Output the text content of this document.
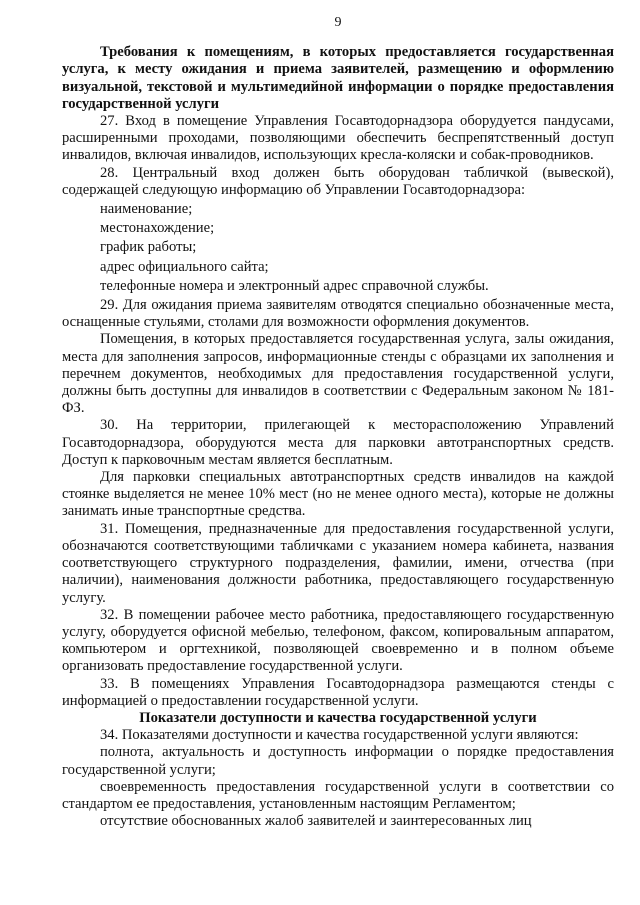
9
Требования к помещениям, в которых предоставляется государственная услуга, к месту ожидания и приема заявителей, размещению и оформлению визуальной, текстовой и мультимедийной информации о порядке предоставления государственной услуги
27. Вход в помещение Управления Госавтодорнадзора оборудуется пандусами, расширенными проходами, позволяющими обеспечить беспрепятственный доступ инвалидов, включая инвалидов, использующих кресла-коляски и собак-проводников.
28. Центральный вход должен быть оборудован табличкой (вывеской), содержащей следующую информацию об Управлении Госавтодорнадзора:
наименование;
местонахождение;
график работы;
адрес официального сайта;
телефонные номера и электронный адрес справочной службы.
29. Для ожидания приема заявителям отводятся специально обозначенные места, оснащенные стульями, столами для возможности оформления документов.
Помещения, в которых предоставляется государственная услуга, залы ожидания, места для заполнения запросов, информационные стенды с образцами их заполнения и перечнем документов, необходимых для предоставления государственной услуги, должны быть доступны для инвалидов в соответствии с Федеральным законом № 181-ФЗ.
30. На территории, прилегающей к месторасположению Управлений Госавтодорнадзора, оборудуются места для парковки автотранспортных средств. Доступ к парковочным местам является бесплатным.
Для парковки специальных автотранспортных средств инвалидов на каждой стоянке выделяется не менее 10% мест (но не менее одного места), которые не должны занимать иные транспортные средства.
31. Помещения, предназначенные для предоставления государственной услуги, обозначаются соответствующими табличками с указанием номера кабинета, названия соответствующего структурного подразделения, фамилии, имени, отчества (при наличии), наименования должности работника, предоставляющего государственную услугу.
32. В помещении рабочее место работника, предоставляющего государственную услугу, оборудуется офисной мебелью, телефоном, факсом, копировальным аппаратом, компьютером и оргтехникой, позволяющей своевременно и в полном объеме организовать предоставление государственной услуги.
33. В помещениях Управления Госавтодорнадзора размещаются стенды с информацией о предоставлении государственной услуги.
Показатели доступности и качества государственной услуги
34. Показателями доступности и качества государственной услуги являются:
полнота, актуальность и доступность информации о порядке предоставления государственной услуги;
своевременность предоставления государственной услуги в соответствии со стандартом ее предоставления, установленным настоящим Регламентом;
отсутствие обоснованных жалоб заявителей и заинтересованных лиц
